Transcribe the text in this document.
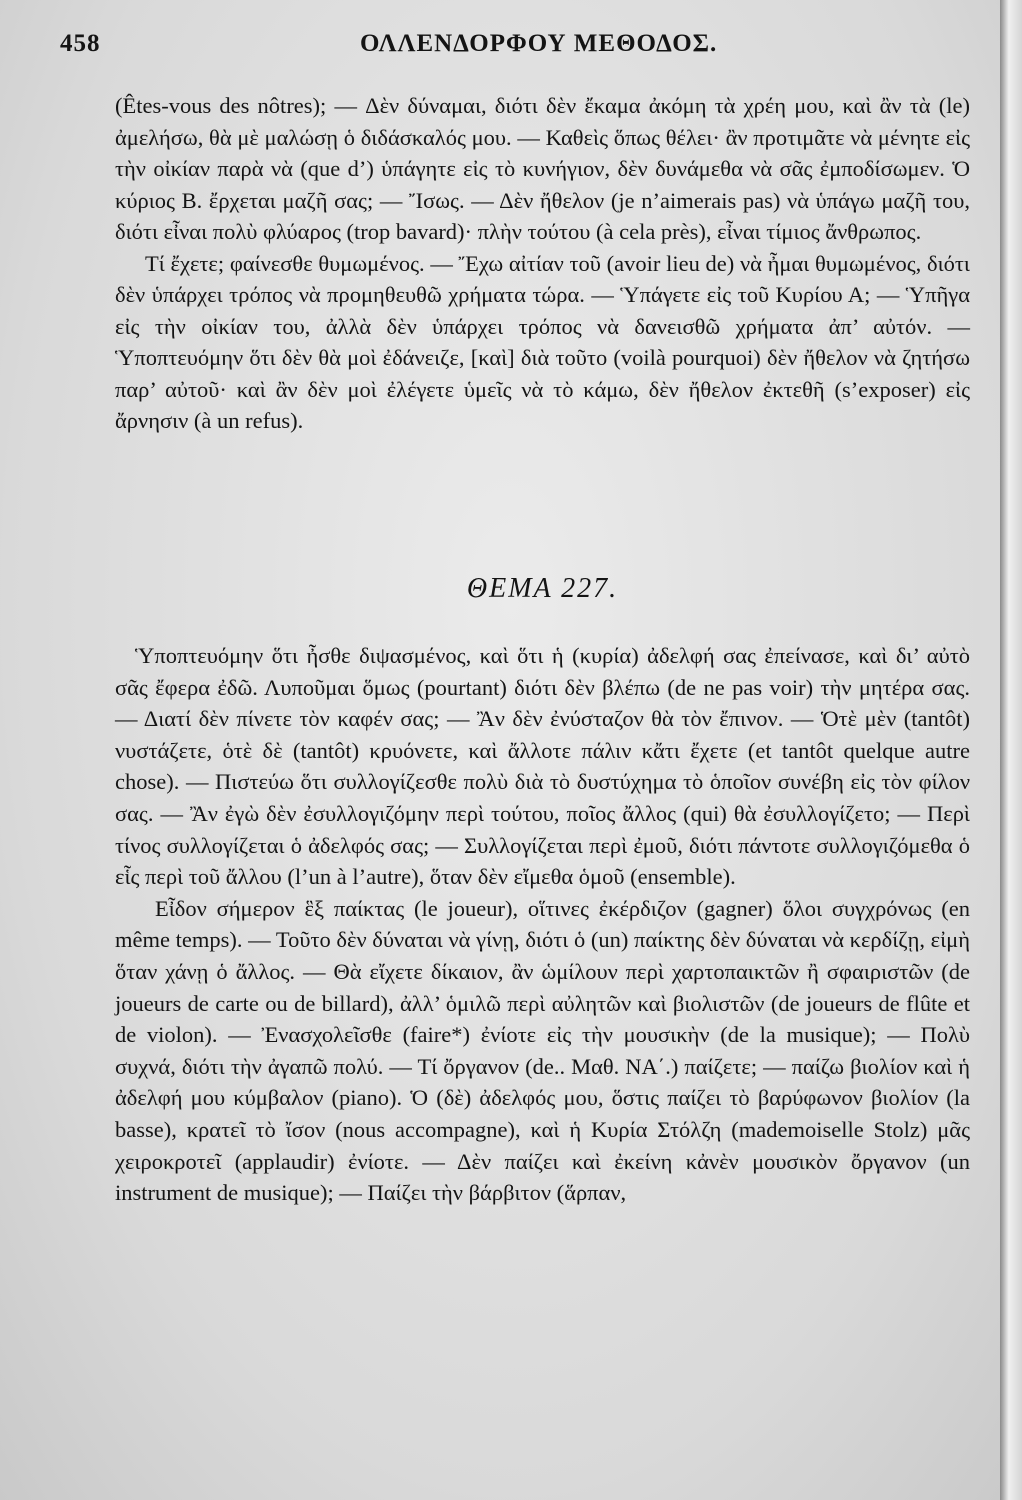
458	ΟΛΛΕΝΔΟΡΦΟΥ ΜΕΘΟΔΟΣ.

(Êtes-vous des nôtres); — Δὲν δύναμαι, διότι δὲν ἔκαμα ἀκόμη τὰ χρέη μου, καὶ ἂν τὰ (le) ἀμελήσω, θὰ μὲ μαλώσῃ ὁ διδάσκαλός μου. — Καθεὶς ὅπως θέλει· ἂν προτιμᾶτε νὰ μένητε εἰς τὴν οἰκίαν παρὰ νὰ (que d’) ὑπάγητε εἰς τὸ κυνήγιον, δὲν δυνάμεθα νὰ σᾶς ἐμποδίσωμεν. Ὁ κύριος Β. ἔρχεται μαζῆ σας; — Ἴσως. — Δὲν ἤθελον (je n’aimerais pas) νὰ ὑπάγω μαζῆ του, διότι εἶναι πολὺ φλύαρος (trop bavard)· πλὴν τούτου (à cela près), εἶναι τίμιος ἄνθρωπος.

Τί ἔχετε; φαίνεσθε θυμωμένος. — Ἔχω αἰτίαν τοῦ (avoir lieu de) νὰ ἦμαι θυμωμένος, διότι δὲν ὑπάρχει τρόπος νὰ προμηθευθῶ χρήματα τώρα. — Ὑπάγετε εἰς τοῦ Κυρίου Α; — Ὑπῆγα εἰς τὴν οἰκίαν του, ἀλλὰ δὲν ὑπάρχει τρόπος νὰ δανεισθῶ χρήματα ἀπ’ αὐτόν. — Ὑποπτευόμην ὅτι δὲν θὰ μοὶ ἐδάνειζε, [καὶ] διὰ τοῦτο (voilà pourquoi) δὲν ἤθελον νὰ ζητήσω παρ’ αὐτοῦ· καὶ ἂν δὲν μοὶ ἐλέγετε ὑμεῖς νὰ τὸ κάμω, δὲν ἤθελον ἐκτεθῆ (s’exposer) εἰς ἄρνησιν (à un refus).

ΘΕΜΑ 227.

Ὑποπτευόμην ὅτι ἦσθε διψασμένος, καὶ ὅτι ἡ (κυρία) ἀδελφή σας ἐπείνασε, καὶ δι’ αὐτὸ σᾶς ἔφερα ἐδῶ. Λυποῦμαι ὅμως (pourtant) διότι δὲν βλέπω (de ne pas voir) τὴν μητέρα σας. — Διατί δὲν πίνετε τὸν καφέν σας; — Ἂν δὲν ἐνύσταζον θὰ τὸν ἔπινον. — Ὁτὲ μὲν (tantôt) νυστάζετε, ὁτὲ δὲ (tantôt) κρυόνετε, καὶ ἄλλοτε πάλιν κἄτι ἔχετε (et tantôt quelque autre chose). — Πιστεύω ὅτι συλλογίζεσθε πολὺ διὰ τὸ δυστύχημα τὸ ὁποῖον συνέβη εἰς τὸν φίλον σας. — Ἂν ἐγὼ δὲν ἐσυλλογιζόμην περὶ τούτου, ποῖος ἄλλος (qui) θὰ ἐσυλλογίζετο; — Περὶ τίνος συλλογίζεται ὁ ἀδελφός σας; — Συλλογίζεται περὶ ἐμοῦ, διότι πάντοτε συλλογιζόμεθα ὁ εἷς περὶ τοῦ ἄλλου (l’un à l’autre), ὅταν δὲν εἴμεθα ὁμοῦ (ensemble).

Εἶδον σήμερον ἓξ παίκτας (le joueur), οἵτινες ἐκέρδιζον (gagner) ὅλοι συγχρόνως (en même temps). — Τοῦτο δὲν δύναται νὰ γίνῃ, διότι ὁ (un) παίκτης δὲν δύναται νὰ κερδίζῃ, εἰμὴ ὅταν χάνῃ ὁ ἄλλος. — Θὰ εἴχετε δίκαιον, ἂν ὡμίλουν περὶ χαρτοπαικτῶν ἢ σφαιριστῶν (de joueurs de carte ou de billard), ἀλλ’ ὁμιλῶ περὶ αὐλητῶν καὶ βιολιστῶν (de joueurs de flûte et de violon). — Ἐνασχολεῖσθε (faire*) ἐνίοτε εἰς τὴν μουσικὴν (de la musique); — Πολὺ συχνά, διότι τὴν ἀγαπῶ πολύ. — Τί ὄργανον (de.. Μαθ. ΝΑ΄.) παίζετε; — παίζω βιολίον καὶ ἡ ἀδελφή μου κύμβαλον (piano). Ὁ (δὲ) ἀδελφός μου, ὅστις παίζει τὸ βαρύφωνον βιολίον (la basse), κρατεῖ τὸ ἴσον (nous accompagne), καὶ ἡ Κυρία Στόλζη (mademoiselle Stolz) μᾶς χειροκροτεῖ (applaudir) ἐνίοτε. — Δὲν παίζει καὶ ἐκείνη κἀνὲν μουσικὸν ὄργανον (un instrument de musique); — Παίζει τὴν βάρβιτον (ἅρπαν,
